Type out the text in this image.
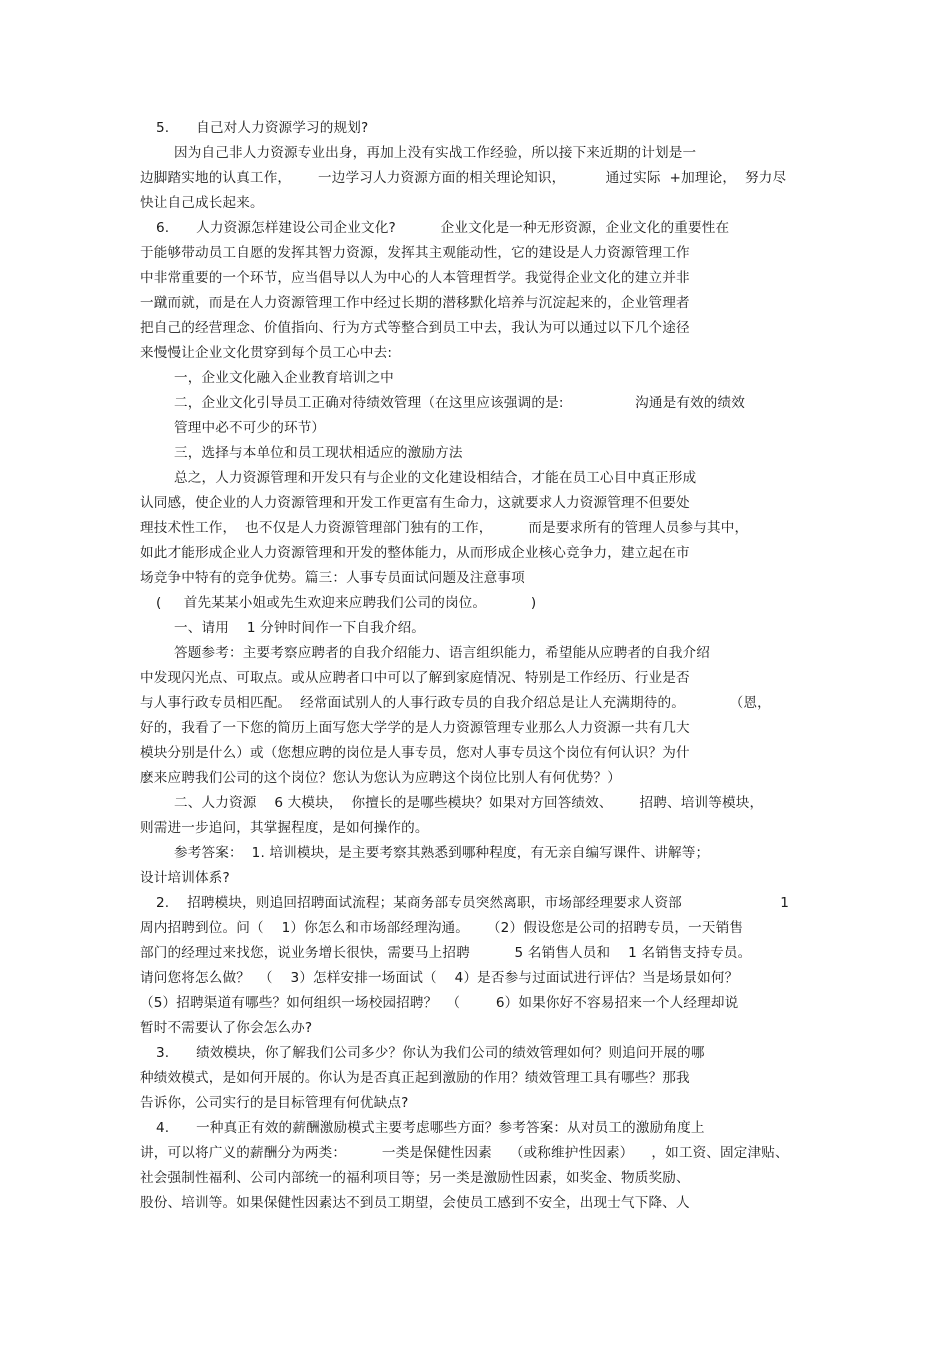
5.      自己对人力资源学习的规划?
因为自己非人力资源专业出身，再加上没有实战工作经验，所以接下来近期的计划是一
边脚踏实地的认真工作，      一边学习人力资源方面的相关理论知识，         通过实际  +加理论，  努力尽
快让自己成长起来。
6.      人力资源怎样建设公司企业文化?          企业文化是一种无形资源，企业文化的重要性在
于能够带动员工自愿的发挥其智力资源，发挥其主观能动性，它的建设是人力资源管理工作
中非常重要的一个环节，应当倡导以人为中心的人本管理哲学。我觉得企业文化的建立并非
一蹴而就，而是在人力资源管理工作中经过长期的潜移默化培养与沉淀起来的，企业管理者
把自己的经营理念、价值指向、行为方式等整合到员工中去，我认为可以通过以下几个途径
来慢慢让企业文化贯穿到每个员工心中去:
一，企业文化融入企业教育培训之中
二，企业文化引导员工正确对待绩效管理（在这里应该强调的是:                沟通是有效的绩效
管理中必不可少的环节）
三，选择与本单位和员工现状相适应的激励方法
总之，人力资源管理和开发只有与企业的文化建设相结合，才能在员工心目中真正形成
认同感，使企业的人力资源管理和开发工作更富有生命力，这就要求人力资源管理不但要处
理技术性工作，  也不仅是人力资源管理部门独有的工作，        而是要求所有的管理人员参与其中，
如此才能形成企业人力资源管理和开发的整体能力，从而形成企业核心竞争力，建立起在市
场竞争中特有的竞争优势。篇三：人事专员面试问题及注意事项
(     首先某某小姐或先生欢迎来应聘我们公司的岗位。          )
一、请用    1 分钟时间作一下自我介绍。
答题参考：主要考察应聘者的自我介绍能力、语言组织能力，希望能从应聘者的自我介绍
中发现闪光点、可取点。或从应聘者口中可以了解到家庭情况、特别是工作经历、行业是否
与人事行政专员相匹配。  经常面试别人的人事行政专员的自我介绍总是让人充满期待的。          （恩，
好的，我看了一下您的简历上面写您大学学的是人力资源管理专业那么人力资源一共有几大
模块分别是什么）或（您想应聘的岗位是人事专员，您对人事专员这个岗位有何认识？为什
麽来应聘我们公司的这个岗位？您认为您认为应聘这个岗位比别人有何优势？）
二、人力资源    6 大模块，  你擅长的是哪些模块？如果对方回答绩效、      招聘、培训等模块，
则需进一步追问，其掌握程度，是如何操作的。
参考答案：  1. 培训模块，是主要考察其熟悉到哪种程度，有无亲自编写课件、讲解等；
设计培训体系?
2.    招聘模块，则追回招聘面试流程；某商务部专员突然离职，市场部经理要求人资部                      1
周内招聘到位。问（    1）你怎么和市场部经理沟通。    （2）假设您是公司的招聘专员，一天销售
部门的经理过来找您，说业务增长很快，需要马上招聘          5 名销售人员和    1 名销售支持专员。
请问您将怎么做？  （    3）怎样安排一场面试（    4）是否参与过面试进行评估？当是场景如何？
（5）招聘渠道有哪些？如何组织一场校园招聘？  （        6）如果你好不容易招来一个人经理却说
暂时不需要认了你会怎么办?
3.      绩效模块，你了解我们公司多少？你认为我们公司的绩效管理如何？则追问开展的哪
种绩效模式，是如何开展的。你认为是否真正起到激励的作用？绩效管理工具有哪些？那我
告诉你，公司实行的是目标管理有何优缺点?
4.      一种真正有效的薪酬激励模式主要考虑哪些方面？参考答案：从对员工的激励角度上
讲，可以将广义的薪酬分为两类：        一类是保健性因素    （或称维护性因素）    ，如工资、固定津贴、
社会强制性福利、公司内部统一的福利项目等；另一类是激励性因素，如奖金、物质奖励、
股份、培训等。如果保健性因素达不到员工期望，会使员工感到不安全，出现士气下降、人
